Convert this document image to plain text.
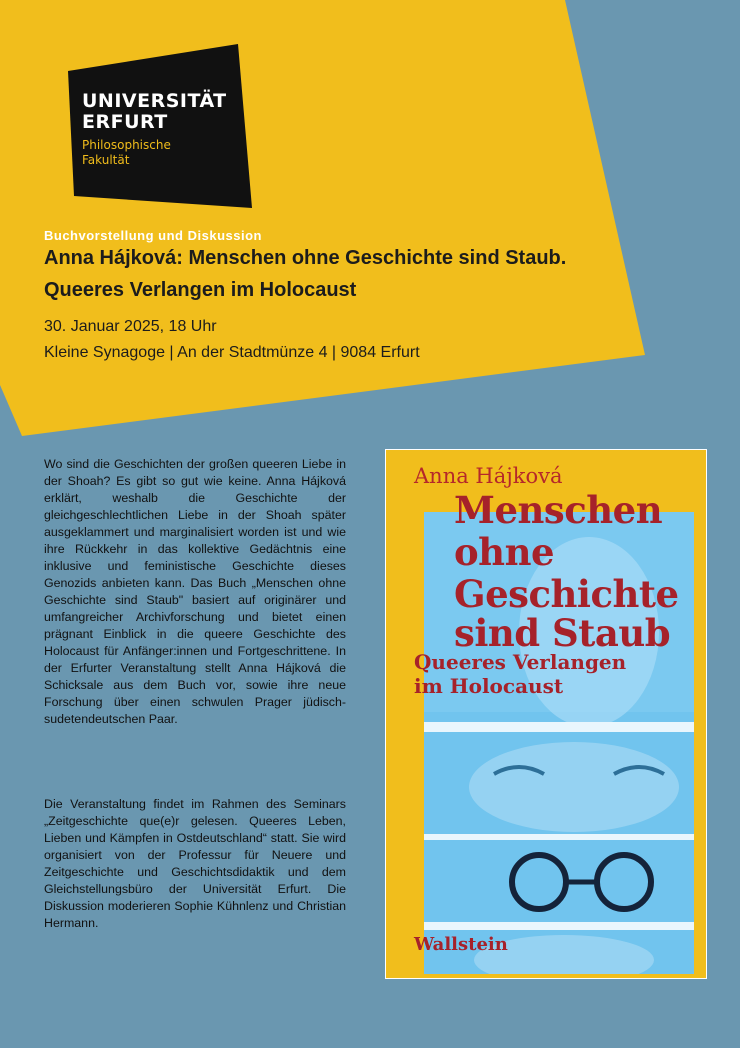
UNIVERSITÄT
ERFURT
Philosophische
Fakultät
Buchvorstellung und Diskussion
Anna Hájková: Menschen ohne Geschichte sind Staub.
Queeres Verlangen im Holocaust
30. Januar 2025, 18 Uhr
Kleine Synagoge | An der Stadtmünze 4 | 9084 Erfurt

Wo sind die Geschichten der großen queeren Liebe in der Shoah? Es gibt so gut wie keine. Anna Hájková erklärt, weshalb die Geschichte der gleichgeschlechtlichen Liebe in der Shoah später ausgeklammert und marginalisiert worden ist und wie ihre Rückkehr in das kollektive Gedächtnis eine inklusive und feministische Geschichte dieses Genozids anbieten kann. Das Buch „Menschen ohne Geschichte sind Staub" basiert auf originärer und umfangreicher Archivforschung und bietet einen prägnant Einblick in die queere Geschichte des Holocaust für Anfänger:innen und Fortgeschrittene. In der Erfurter Veranstaltung stellt Anna Hájková die Schicksale aus dem Buch vor, sowie ihre neue Forschung über einen schwulen Prager jüdisch-sudetendeutschen Paar.

Die Veranstaltung findet im Rahmen des Seminars „Zeitgeschichte que(e)r gelesen. Queeres Leben, Lieben und Kämpfen in Ostdeutschland“ statt. Sie wird organisiert von der Professur für Neuere und Zeitgeschichte und Geschichtsdidaktik und dem Gleichstellungsbüro der Universität Erfurt. Die Diskussion moderieren Sophie Kühnlenz und Christian Hermann.

Anna Hájková
Menschen
ohne
Geschichte
sind Staub
Queeres Verlangen
im Holocaust
Wallstein
